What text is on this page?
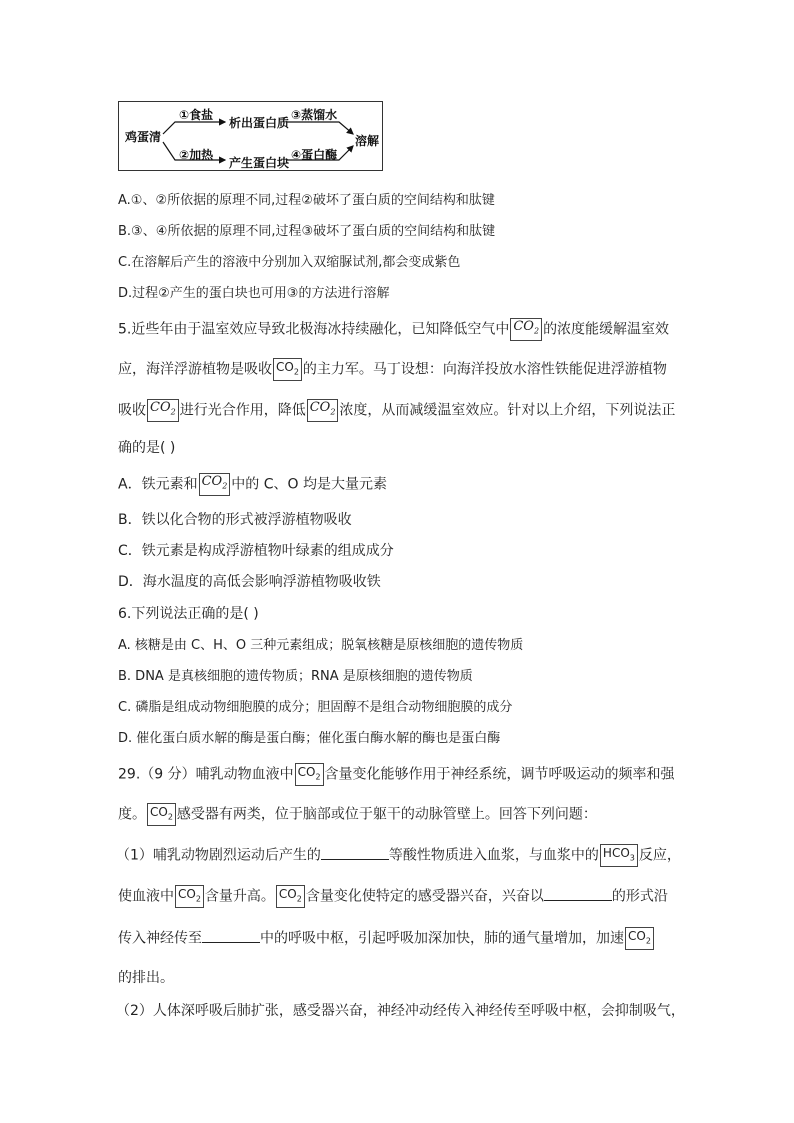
鸡蛋清
①食盐
②加热
析出蛋白质
产生蛋白块
③蒸馏水
④蛋白酶
溶解
A.①、②所依据的原理不同,过程②破坏了蛋白质的空间结构和肽键
B.③、④所依据的原理不同,过程③破坏了蛋白质的空间结构和肽键
C.在溶解后产生的溶液中分别加入双缩脲试剂,都会变成紫色
D.过程②产生的蛋白块也可用③的方法进行溶解
5.近些年由于温室效应导致北极海冰持续融化，已知降低空气中 $CO_2$ 的浓度能缓解温室效
应，海洋浮游植物是吸收 $CO_2$ 的主力军。马丁设想：向海洋投放水溶性铁能促进浮游植物
吸收 $CO_2$ 进行光合作用，降低 $CO_2$ 浓度，从而减缓温室效应。针对以上介绍，下列说法正
确的是( )
A．铁元素和 $CO_2$ 中的 C、O 均是大量元素
B．铁以化合物的形式被浮游植物吸收
C．铁元素是构成浮游植物叶绿素的组成成分
D．海水温度的高低会影响浮游植物吸收铁
6.下列说法正确的是( )
A. 核糖是由 C、H、O 三种元素组成；脱氧核糖是原核细胞的遗传物质
B. DNA 是真核细胞的遗传物质；RNA 是原核细胞的遗传物质
C. 磷脂是组成动物细胞膜的成分；胆固醇不是组合动物细胞膜的成分
D. 催化蛋白质水解的酶是蛋白酶；催化蛋白酶水解的酶也是蛋白酶
29.（9 分）哺乳动物血液中 $CO_2$ 含量变化能够作用于神经系统，调节呼吸运动的频率和强
度。 $CO_2$ 感受器有两类，位于脑部或位于躯干的动脉管壁上。回答下列问题：
（1）哺乳动物剧烈运动后产生的	等酸性物质进入血浆，与血浆中的 $HCO_3$ 反应，
使血液中 $CO_2$ 含量升高。 $CO_2$ 含量变化使特定的感受器兴奋，兴奋以	的形式沿
传入神经传至	中的呼吸中枢，引起呼吸加深加快，肺的通气量增加，加速 $CO_2$
的排出。
（2）人体深呼吸后肺扩张，感受器兴奋，神经冲动经传入神经传至呼吸中枢，会抑制吸气，
